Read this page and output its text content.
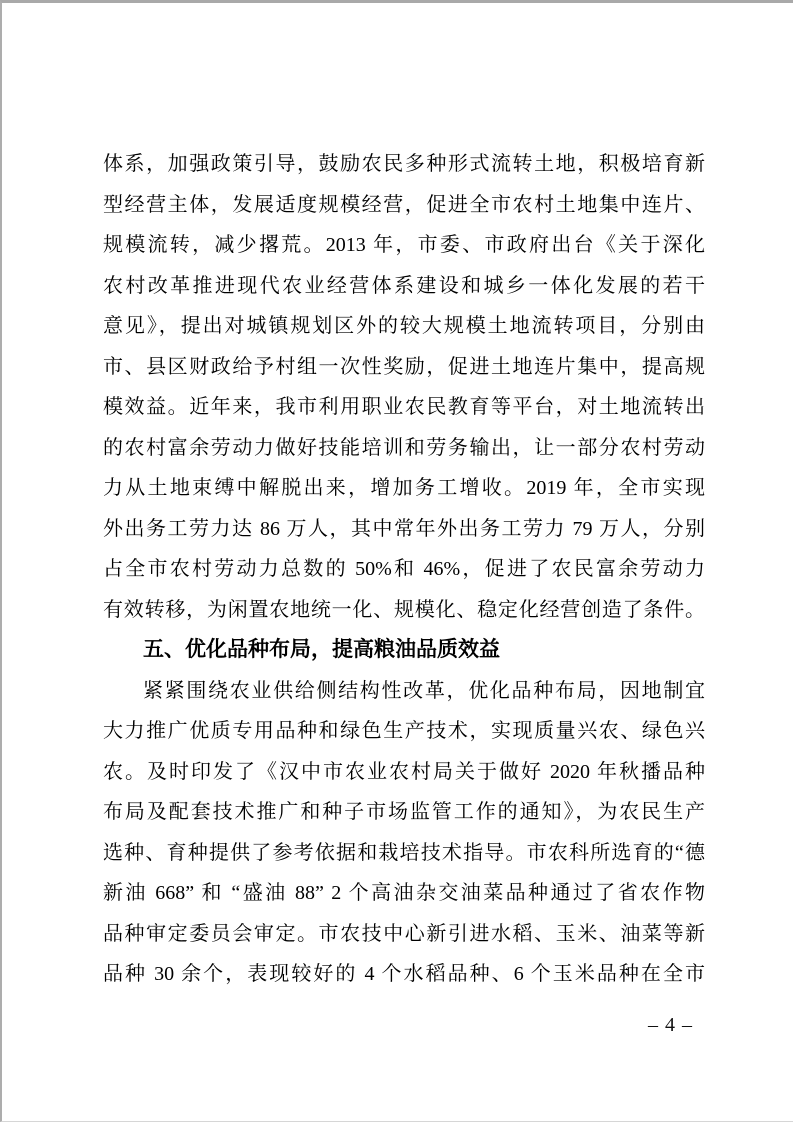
体系，加强政策引导，鼓励农民多种形式流转土地，积极培育新

型经营主体，发展适度规模经营，促进全市农村土地集中连片、

规模流转，减少撂荒。2013 年，市委、市政府出台《关于深化

农村改革推进现代农业经营体系建设和城乡一体化发展的若干

意见》，提出对城镇规划区外的较大规模土地流转项目，分别由

市、县区财政给予村组一次性奖励，促进土地连片集中，提高规

模效益。近年来，我市利用职业农民教育等平台，对土地流转出

的农村富余劳动力做好技能培训和劳务输出，让一部分农村劳动

力从土地束缚中解脱出来，增加务工增收。2019 年，全市实现

外出务工劳力达 86 万人，其中常年外出务工劳力 79 万人，分别

占全市农村劳动力总数的 50%和 46%，促进了农民富余劳动力

有效转移，为闲置农地统一化、规模化、稳定化经营创造了条件。

五、优化品种布局，提高粮油品质效益

紧紧围绕农业供给侧结构性改革，优化品种布局，因地制宜

大力推广优质专用品种和绿色生产技术，实现质量兴农、绿色兴

农。及时印发了《汉中市农业农村局关于做好 2020 年秋播品种

布局及配套技术推广和种子市场监管工作的通知》，为农民生产

选种、育种提供了参考依据和栽培技术指导。市农科所选育的“德

新油 668” 和 “盛油 88” 2 个高油杂交油菜品种通过了省农作物

品种审定委员会审定。市农技中心新引进水稻、玉米、油菜等新

品种 30 余个，表现较好的 4 个水稻品种、6 个玉米品种在全市

– 4 –
